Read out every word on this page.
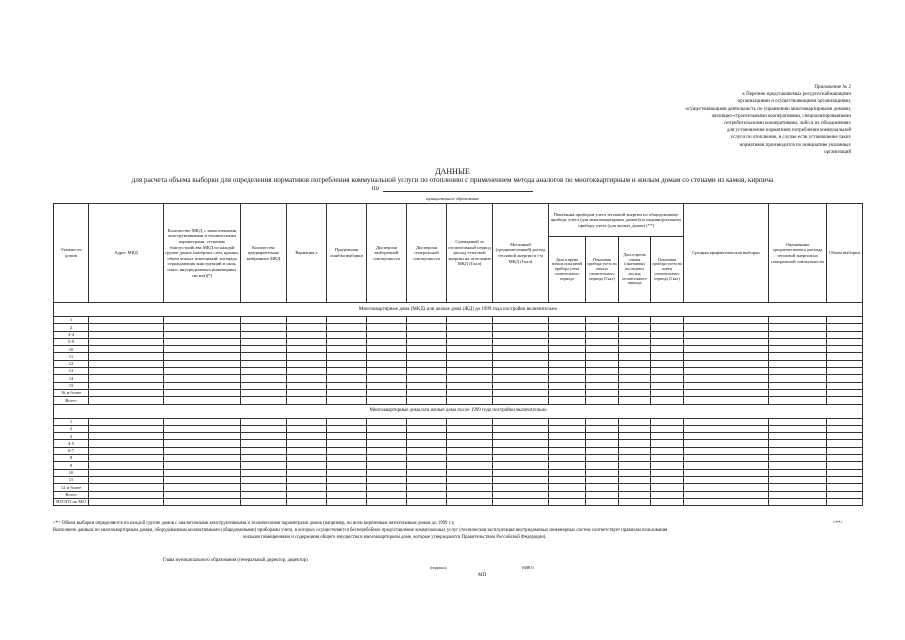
Приложение № 2
к Перечню представляемых ресурсоснабжающими
организациями и осуществляющими организациями,
осуществляющими деятельность по управлению многоквартирными домами,
жилищно-строительными кооперативами, специализированными
потребительскими кооперативами, либо в их объединениях
для установления нормативов потребления коммунальной
услуги по отоплению, в случае если установление таких
нормативов производится по инициативе указанных
организаций
ДАННЫЕ
для расчета объема выборки для определения нормативов потребления коммунальной услуги по отоплению с применением метода аналогов по многоквартирным и жилым домам со стенами из камня, кирпича
по
муниципальное образование
Этажность домов	Адрес МКД	Количество МКД, с аналогичными конструктивными и техническими параметрами, степенью благоустройства МКД по каждой группе домов (материал стен, крыши, объем жилых помещений, площадь ограждающих конструкций и окон, износ внутридомовых инженерных систем)(*)	Количество предварительно выбранных МКД	Вариация v	Предельная ошибка выборки	Дисперсия выборочной совокупности	Дисперсия генеральной совокупности	Суммарный за отопительный период расход тепловой энергии на отопление МКД (Гкал)	Месячный (среднемесячный) расход тепловой энергии в i-м МКД (Гкал)	Показания приборов учета тепловой энергии по общедомовому прибору учета (для многоквартирных домов)/по индивидуальному прибору учета (для жилых домов) (**)				Средняя арифметическая выборки	Оценивание среднемесячного расхода тепловой энергии на генеральной совокупности	Объем выборки
										Дата и время начала показаний прибора учета отопительного периода	Показания прибора учета на начало отопительного периода (Гкал)	Дата и время снятия (окончания) последнего месяца отопительного периода	Показания прибора учета на конец отопительного периода (Гкал)			
Многоквартирные дома (МКД) или жилые дома (ЖД) до 1999 года постройки включительно																
1																
2																
3-4																
5-9																
10																
11																
12																
13																
14																
15																
16 и более																
Всего																
Многоквартирные дома или жилые дома после 1999 года постройки включительно																
1																
2																
3																
4-5																
6-7																
8																
9																
10																
11																
12 и более																
Всего																
ИТОГО по МО																
<*> Объем выборки определяется по каждой группе домов с аналогичными конструктивными и техническими параметрами домов (например, по всем кирпичным пятиэтажным домам до 1999 г.);	<**>
Выполнено данным по многоквартирным домам, оборудованным коллективными (общедомовыми) приборами учета, в которых осуществляется бесперебойное предоставление коммунальных услуг (техническая эксплуатация внутридомовых инженерных систем соответствует правилам пользования
жилыми помещениями и содержания общего имущества в многоквартирном доме, которые утверждаются Правительством Российской Федерации).
Глава муниципального образования (генеральный директор, директор)
(подпись)	(ФИО)
МП
